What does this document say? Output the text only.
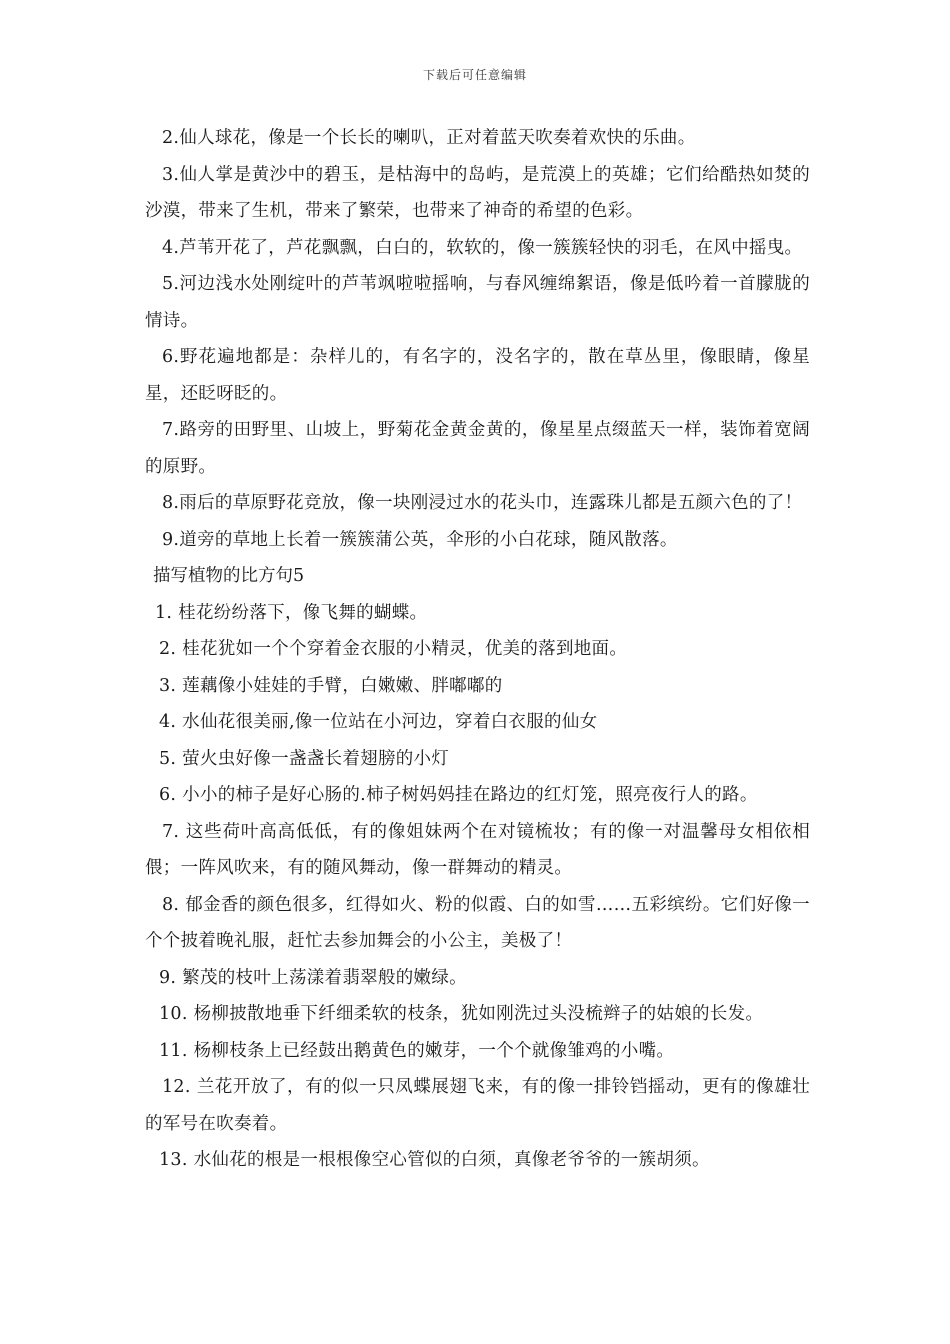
下载后可任意编辑

2.仙人球花，像是一个长长的喇叭，正对着蓝天吹奏着欢快的乐曲。

3.仙人掌是黄沙中的碧玉，是枯海中的岛屿，是荒漠上的英雄；它们给酷热如焚的沙漠，带来了生机，带来了繁荣，也带来了神奇的希望的色彩。

4.芦苇开花了，芦花飘飘，白白的，软软的，像一簇簇轻快的羽毛，在风中摇曳。

5.河边浅水处刚绽叶的芦苇飒啦啦摇响，与春风缠绵絮语，像是低吟着一首朦胧的情诗。

6.野花遍地都是：杂样儿的，有名字的，没名字的，散在草丛里，像眼睛，像星星，还眨呀眨的。

7.路旁的田野里、山坡上，野菊花金黄金黄的，像星星点缀蓝天一样，装饰着宽阔的原野。

8.雨后的草原野花竞放，像一块刚浸过水的花头巾，连露珠儿都是五颜六色的了！

9.道旁的草地上长着一簇簇蒲公英，伞形的小白花球，随风散落。

描写植物的比方句5

1. 桂花纷纷落下，像飞舞的蝴蝶。

2. 桂花犹如一个个穿着金衣服的小精灵，优美的落到地面。

3. 莲藕像小娃娃的手臂，白嫩嫩、胖嘟嘟的

4. 水仙花很美丽,像一位站在小河边，穿着白衣服的仙女

5. 萤火虫好像一盏盏长着翅膀的小灯

6. 小小的柿子是好心肠的.柿子树妈妈挂在路边的红灯笼，照亮夜行人的路。

7. 这些荷叶高高低低，有的像姐妹两个在对镜梳妆；有的像一对温馨母女相依相偎；一阵风吹来，有的随风舞动，像一群舞动的精灵。

8. 郁金香的颜色很多，红得如火、粉的似霞、白的如雪……五彩缤纷。它们好像一个个披着晚礼服，赶忙去参加舞会的小公主，美极了！

9. 繁茂的枝叶上荡漾着翡翠般的嫩绿。

10. 杨柳披散地垂下纤细柔软的枝条，犹如刚洗过头没梳辫子的姑娘的长发。

11. 杨柳枝条上已经鼓出鹅黄色的嫩芽，一个个就像雏鸡的小嘴。

12. 兰花开放了，有的似一只凤蝶展翅飞来，有的像一排铃铛摇动，更有的像雄壮的军号在吹奏着。

13. 水仙花的根是一根根像空心管似的白须，真像老爷爷的一簇胡须。
